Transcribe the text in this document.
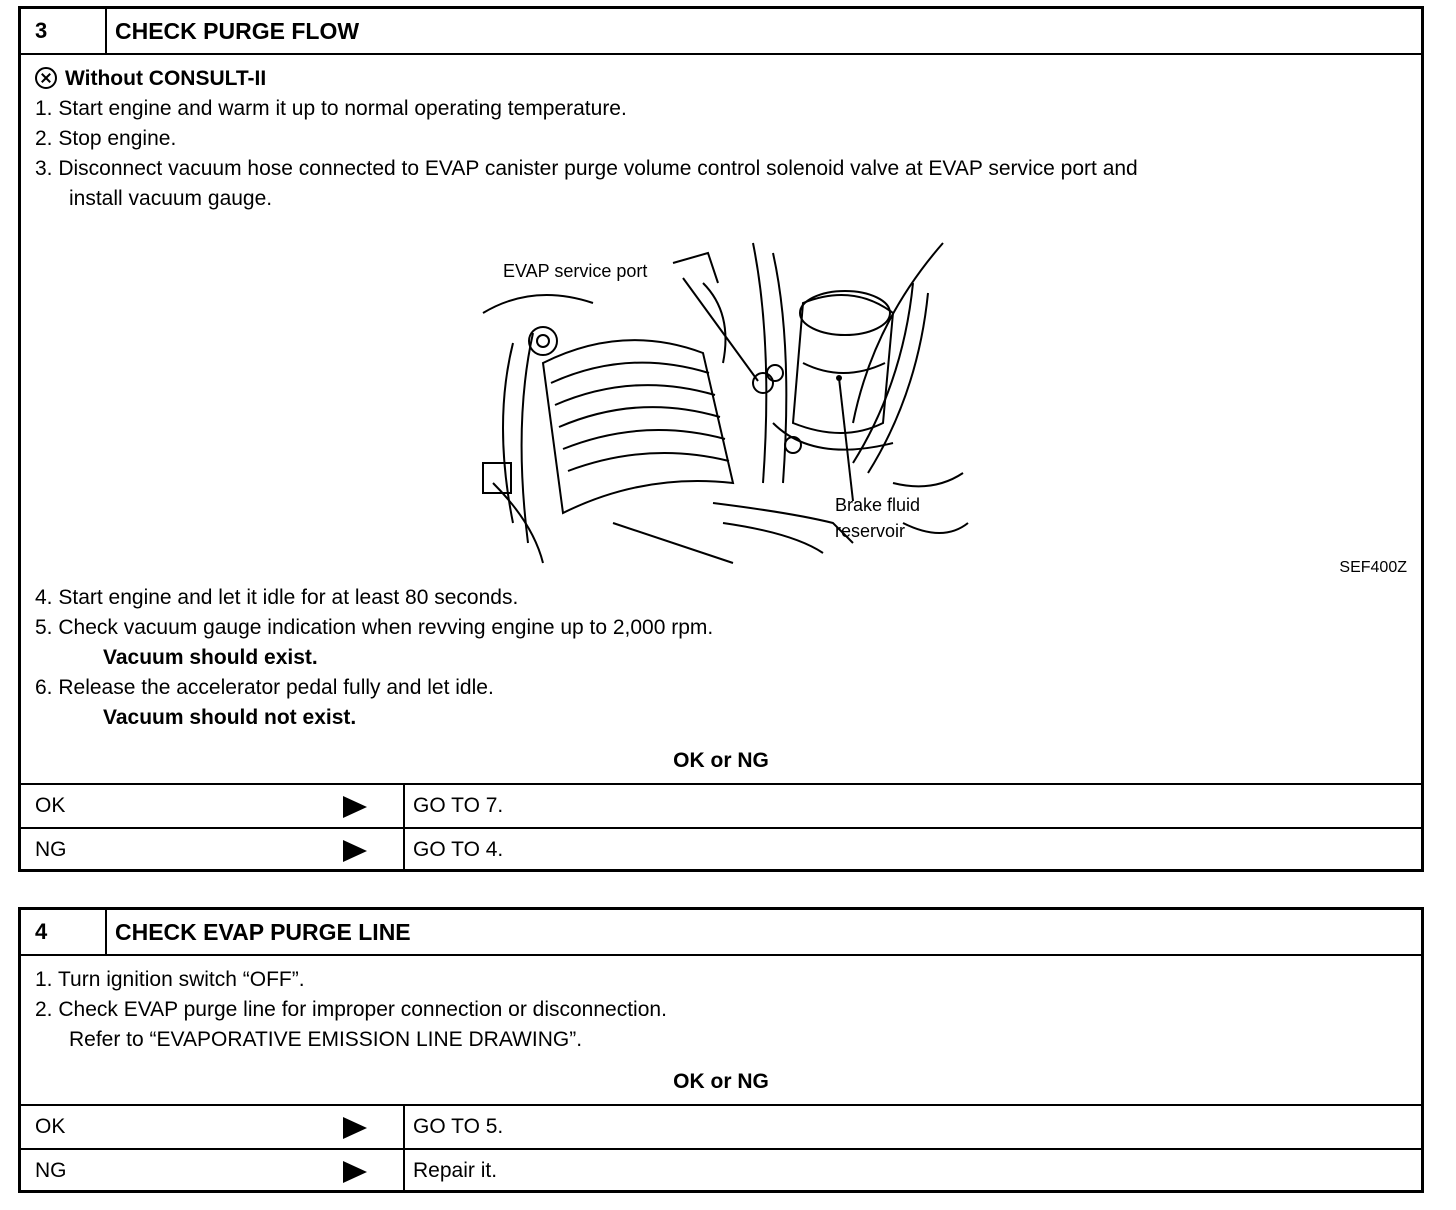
3	CHECK PURGE FLOW
Without CONSULT-II
1. Start engine and warm it up to normal operating temperature.
2. Stop engine.
3. Disconnect vacuum hose connected to EVAP canister purge volume control solenoid valve at EVAP service port and
install vacuum gauge.
EVAP service port
Brake fluid
reservoir
SEF400Z
4. Start engine and let it idle for at least 80 seconds.
5. Check vacuum gauge indication when revving engine up to 2,000 rpm.
Vacuum should exist.
6. Release the accelerator pedal fully and let idle.
Vacuum should not exist.
OK or NG
OK	GO TO 7.
NG	GO TO 4.
4	CHECK EVAP PURGE LINE
1. Turn ignition switch “OFF”.
2. Check EVAP purge line for improper connection or disconnection.
Refer to “EVAPORATIVE EMISSION LINE DRAWING”.
OK or NG
OK	GO TO 5.
NG	Repair it.
